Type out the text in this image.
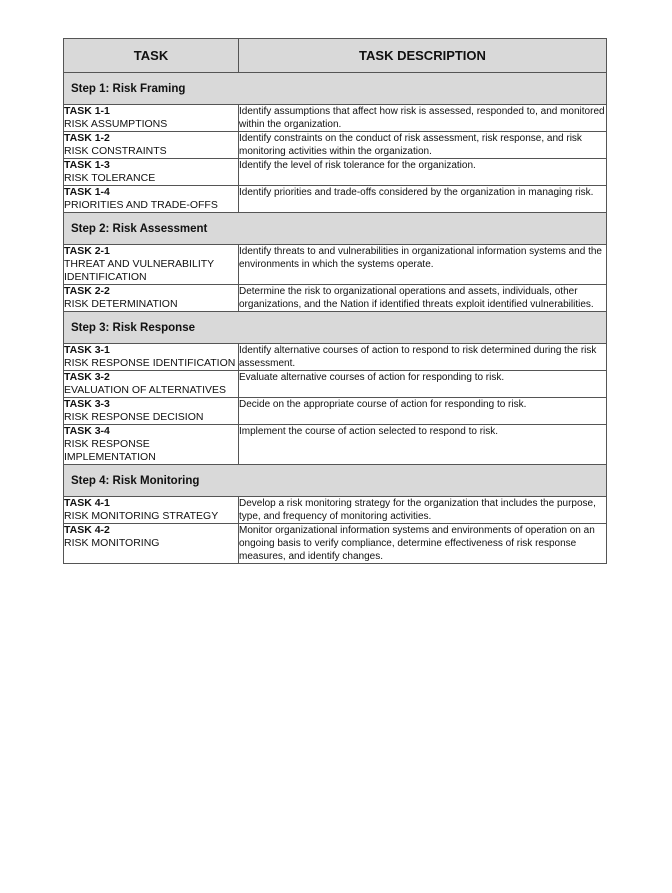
TASK	TASK DESCRIPTION
Step 1: Risk Framing	

TASK 1-1
RISK ASSUMPTIONS	Identify assumptions that affect how risk is assessed, responded to, and monitored within the organization.

TASK 1-2
RISK CONSTRAINTS	Identify constraints on the conduct of risk assessment, risk response, and risk monitoring activities within the organization.

TASK 1-3
RISK TOLERANCE	Identify the level of risk tolerance for the organization.

TASK 1-4
PRIORITIES AND TRADE-OFFS	Identify priorities and trade-offs considered by the organization in managing risk.
Step 2: Risk Assessment	

TASK 2-1
THREAT AND VULNERABILITY IDENTIFICATION	Identify threats to and vulnerabilities in organizational information systems and the environments in which the systems operate.

TASK 2-2
RISK DETERMINATION	Determine the risk to organizational operations and assets, individuals, other organizations, and the Nation if identified threats exploit identified vulnerabilities.
Step 3: Risk Response	

TASK 3-1
RISK RESPONSE IDENTIFICATION	Identify alternative courses of action to respond to risk determined during the risk assessment.

TASK 3-2
EVALUATION OF ALTERNATIVES	Evaluate alternative courses of action for responding to risk.

TASK 3-3
RISK RESPONSE DECISION	Decide on the appropriate course of action for responding to risk.

TASK 3-4
RISK RESPONSE IMPLEMENTATION	Implement the course of action selected to respond to risk.
Step 4: Risk Monitoring	

TASK 4-1
RISK MONITORING STRATEGY	Develop a risk monitoring strategy for the organization that includes the purpose, type, and frequency of monitoring activities.

TASK 4-2
RISK MONITORING	Monitor organizational information systems and environments of operation on an ongoing basis to verify compliance, determine effectiveness of risk response measures, and identify changes.
